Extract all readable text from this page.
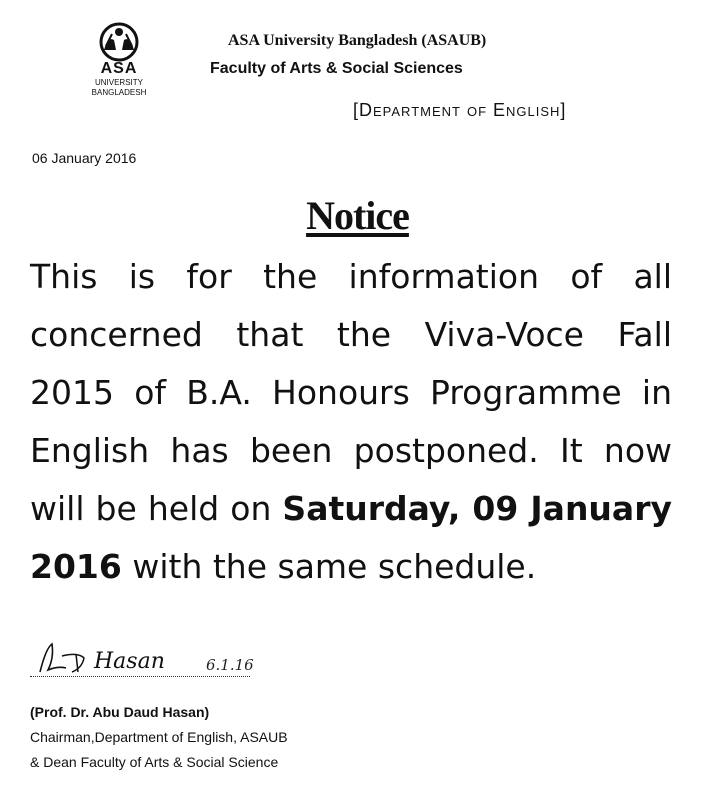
ASA
UNIVERSITY
BANGLADESH
ASA University Bangladesh (ASAUB)
Faculty of Arts & Social Sciences
[Department of English]
06 January 2016
Notice
This is for the information of all concerned that the Viva-Voce Fall 2015 of B.A. Honours Programme in English has been postponed. It now will be held on Saturday, 09 January 2016 with the same schedule.
Hasan	6.1.16
(Prof. Dr. Abu Daud Hasan)
Chairman,Department of English, ASAUB
& Dean Faculty of Arts & Social Science
